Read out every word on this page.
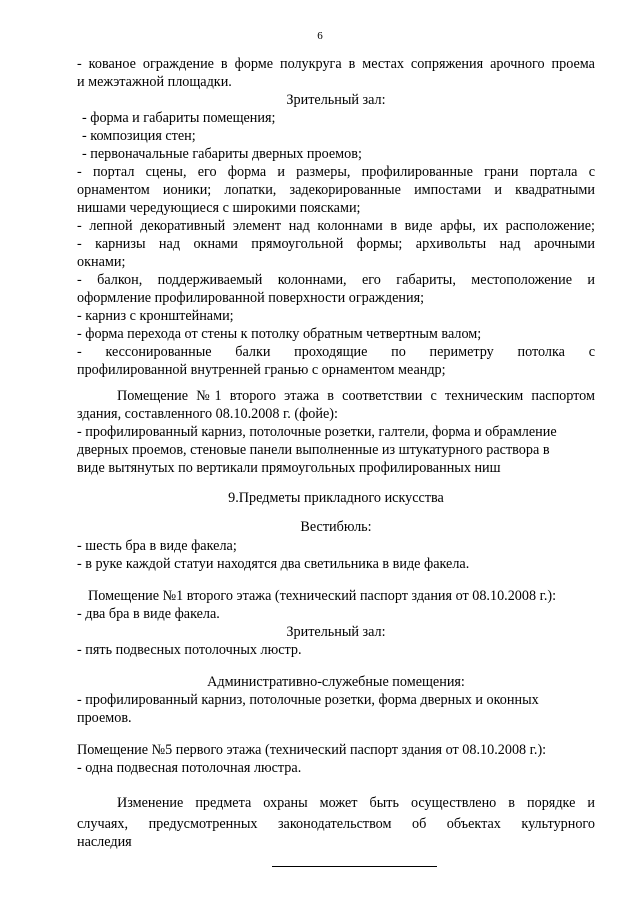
6
- кованое ограждение в форме полукруга в местах сопряжения арочного проема
и межэтажной площадки.
Зрительный зал:
- форма и габариты помещения;
- композиция стен;
- первоначальные габариты дверных проемов;
- портал сцены, его форма и размеры, профилированные грани портала с
орнаментом ионики; лопатки, задекорированные импостами и квадратными
нишами чередующиеся с широкими поясками;
- лепной декоративный элемент над колоннами в виде арфы, их расположение;
- карнизы над окнами прямоугольной формы; архивольты над арочными
окнами;
- балкон, поддерживаемый колоннами, его габариты, местоположение и
оформление профилированной поверхности ограждения;
- карниз с кронштейнами;
- форма перехода от стены к потолку обратным четвертным валом;
- кессонированные балки проходящие по периметру потолка с
профилированной внутренней гранью с орнаментом меандр;
Помещение №1 второго этажа в соответствии с техническим паспортом
здания, составленного 08.10.2008 г. (фойе):
- профилированный карниз, потолочные розетки, галтели, форма и обрамление
дверных проемов, стеновые панели выполненные из штукатурного раствора в
виде вытянутых по вертикали прямоугольных профилированных ниш
9.Предметы прикладного искусства
Вестибюль:
- шесть бра в виде факела;
- в руке каждой статуи находятся два светильника в виде факела.
Помещение №1 второго этажа (технический паспорт здания от 08.10.2008 г.):
- два бра в виде факела.
Зрительный зал:
- пять подвесных потолочных люстр.
Административно-служебные помещения:
- профилированный карниз, потолочные розетки, форма дверных и оконных
проемов.
Помещение №5 первого этажа (технический паспорт здания от 08.10.2008 г.):
- одна подвесная потолочная люстра.
Изменение предмета охраны может быть осуществлено в порядке и
случаях, предусмотренных законодательством об объектах культурного
наследия
